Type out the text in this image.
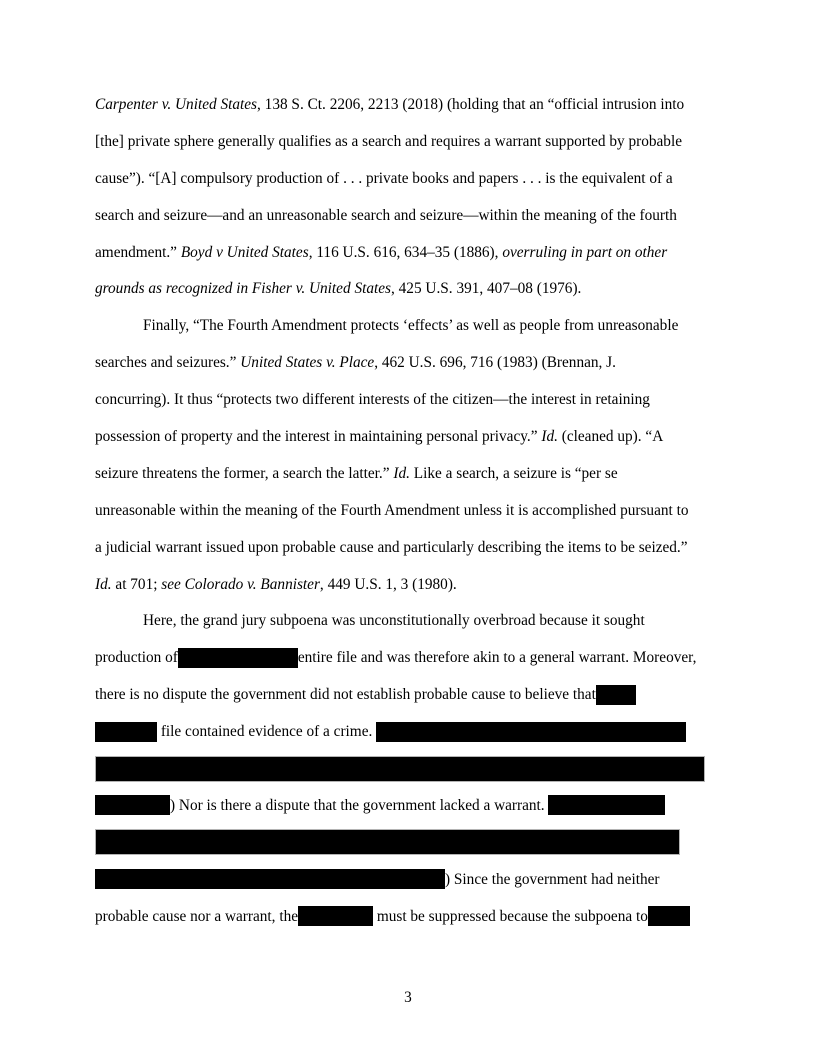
Carpenter v. United States, 138 S. Ct. 2206, 2213 (2018) (holding that an “official intrusion into
[the] private sphere generally qualifies as a search and requires a warrant supported by probable
cause”). “[A] compulsory production of . . . private books and papers . . . is the equivalent of a
search and seizure—and an unreasonable search and seizure—within the meaning of the fourth
amendment.” Boyd v United States, 116 U.S. 616, 634–35 (1886), overruling in part on other
grounds as recognized in Fisher v. United States, 425 U.S. 391, 407–08 (1976).
Finally, “The Fourth Amendment protects ‘effects’ as well as people from unreasonable
searches and seizures.” United States v. Place, 462 U.S. 696, 716 (1983) (Brennan, J.
concurring). It thus “protects two different interests of the citizen—the interest in retaining
possession of property and the interest in maintaining personal privacy.” Id. (cleaned up). “A
seizure threatens the former, a search the latter.” Id. Like a search, a seizure is “per se
unreasonable within the meaning of the Fourth Amendment unless it is accomplished pursuant to
a judicial warrant issued upon probable cause and particularly describing the items to be seized.”
Id. at 701; see Colorado v. Bannister, 449 U.S. 1, 3 (1980).
Here, the grand jury subpoena was unconstitutionally overbroad because it sought
production of	entire file and was therefore akin to a general warrant. Moreover,
there is no dispute the government did not establish probable cause to believe that
file contained evidence of a crime.
) Nor is there a dispute that the government lacked a warrant.
) Since the government had neither
probable cause nor a warrant, the	must be suppressed because the subpoena to
3
